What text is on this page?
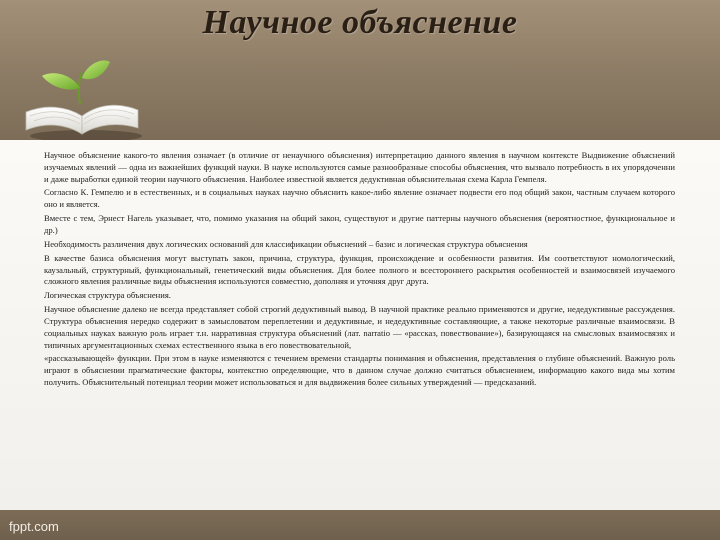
Научное объяснение

Научное объяснение какого-то явления означает (в отличие от ненаучного объяснения) интерпретацию данного явления в научном контексте Выдвижение объяснений изучаемых явлений — одна из важнейших функций науки. В науке используются самые разнообразные способы объяснения, что вызвало потребность в их упорядоченни и даже выработки единой теории научного объяснения. Наиболее известной является дедуктивная объяснительная схема Карла Гемпеля.

Согласно К. Гемпелю и в естественных, и в социальных науках научно объяснить какое-либо явление означает подвести его под общий закон, частным случаем которого оно и является.

Вместе с тем, Эрнест Нагель указывает, что, помимо указания на общий закон, существуют и другие паттерны научного объяснения (вероятностное, функциональное и др.)

Необходимость различения двух логических оснований для классификации объяснений – базис и логическая структура объяснения

В качестве базиса объяснения могут выступать закон, причина, структура, функция, происхождение и особенности развития. Им соответствуют номологический, каузальный, структурный, функциональный, генетический виды объяснения. Для более полного и всестороннего раскрытия особенностей и взаимосвязей изучаемого сложного явления различные виды объяснения используются совместно, дополняя и уточняя друг друга.

Логическая структура объяснения.

Научное объяснение далеко не всегда представляет собой строгий дедуктивный вывод. В научной практике реально применяются и другие, недедуктивные рассуждения. Структура объяснения нередко содержит в замысловатом переплетении и дедуктивные, и недедуктивные составляющие, а также некоторые различные взаимосвязи. В социальных науках важную роль играет т.н. нарративная структура объяснений (лат. narratio — «рассказ, повествование»), базирующаяся на смысловых взаимосвязях и типичных аргументационных схемах естественного языка в его повествовательной,

«рассказывающей» функции. При этом в науке изменяются с течением времени стандарты понимания и объяснения, представления о глубине объяснений. Важную роль играют в объяснении прагматические факторы, контекстно определяющие, что в данном случае должно считаться объяснением, информацию какого вида мы хотим получить. Объяснительный потенциал теории может использоваться и для выдвижения более сильных утверждений — предсказаний.

fppt.com
